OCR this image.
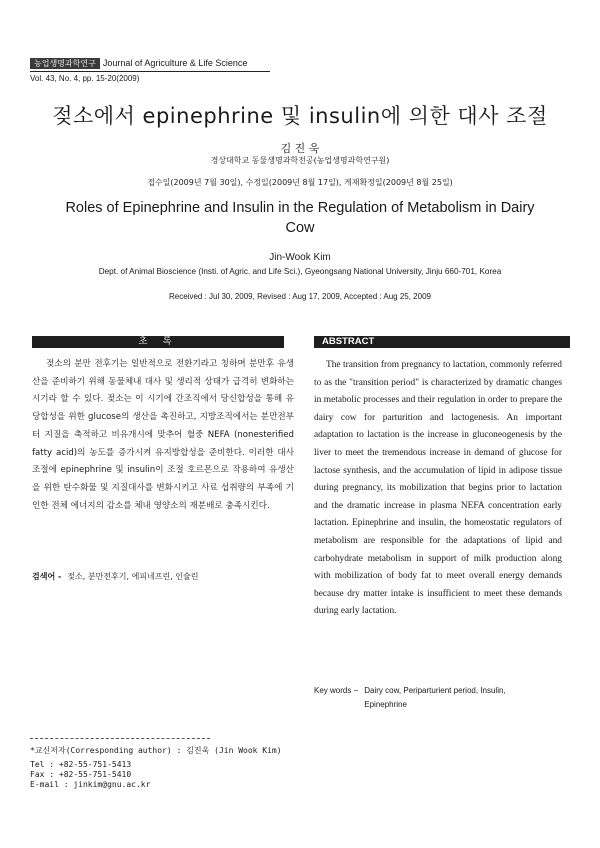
농업생명과학연구 Journal of Agriculture & Life Science
Vol. 43, No. 4, pp. 15-20(2009)
젖소에서 epinephrine 및 insulin에 의한 대사 조절
김 진 욱
경상대학교 동물생명과학전공(농업생명과학연구원)
접수일(2009년 7월 30일), 수정일(2009년 8월 17일), 게재확정일(2009년 8월 25일)
Roles of Epinephrine and Insulin in the Regulation of Metabolism in Dairy Cow
Jin-Wook Kim
Dept. of Animal Bioscience (Insti. of Agric. and Life Sci.), Gyeongsang National University, Jinju 660-701, Korea
Received : Jul 30, 2009, Revised : Aug 17, 2009, Accepted : Aug 25, 2009
초 록	ABSTRACT

젖소의 분만 전후기는 일반적으로 전환기라고 칭하며 분만후 유생산을 준비하기 위해 동물체내 대사 및 생리적 상태가 급격히 변화하는 시기라 할 수 있다. 젖소는 이 시기에 간조직에서 당신합성을 통해 유당합성을 위한 glucose의 생산을 촉진하고, 지방조직에서는 분만전부터 지질을 축적하고 비유개시에 맞추어 혈중 NEFA (nonesterified fatty acid)의 농도를 증가시켜 유지방합성을 준비한다. 이러한 대사조절에 epinephrine 및 insulin이 조절 호르몬으로 작용하여 유생산을 위한 탄수화물 및 지질대사를 변화시키고 사료 섭취량의 부족에 기인한 전체 에너지의 감소를 체내 영양소의 재분배로 충족시킨다.

검색어 - 젖소, 분만전후기, 에피네프린, 인슐린

The transition from pregnancy to lactation, commonly referred to as the "transition period" is characterized by dramatic changes in metabolic processes and their regulation in order to prepare the dairy cow for parturition and lactogenesis. An important adaptation to lactation is the increase in gluconeogenesis by the liver to meet the tremendous increase in demand of glucose for lactose synthesis, and the accumulation of lipid in adipose tissue during pregnancy, its mobilization that begins prior to lactation and the dramatic increase in plasma NEFA concentration early lactation. Epinephrine and insulin, the homeostatic regulators of metabolism are responsible for the adaptations of lipid and carbohydrate metabolism in support of milk production along with mobilization of body fat to meet overall energy demands because dry matter intake is insufficient to meet these demands during early lactation.

Key words − Dairy cow, Periparturient period, Insulin, Epinephrine
*교신저자(Corresponding author) : 김진욱 (Jin Wook Kim)
Tel : +82-55-751-5413
Fax : +82-55-751-5410
E-mail : jinkim@gnu.ac.kr
